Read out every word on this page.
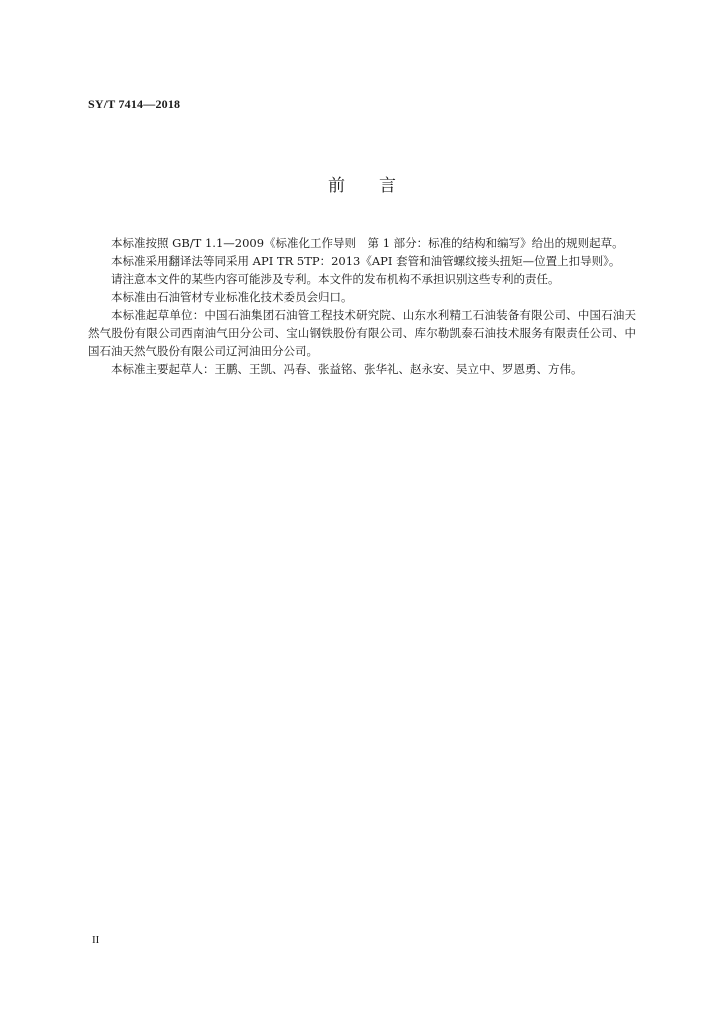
SY/T 7414—2018
前言

本标准按照 GB/T 1.1—2009《标准化工作导则　第 1 部分：标准的结构和编写》给出的规则起草。

本标准采用翻译法等同采用 API TR 5TP：2013《API 套管和油管螺纹接头扭矩—位置上扣导则》。

请注意本文件的某些内容可能涉及专利。本文件的发布机构不承担识别这些专利的责任。

本标准由石油管材专业标准化技术委员会归口。

本标准起草单位：中国石油集团石油管工程技术研究院、山东水利精工石油装备有限公司、中国石油天然气股份有限公司西南油气田分公司、宝山钢铁股份有限公司、库尔勒凯泰石油技术服务有限责任公司、中国石油天然气股份有限公司辽河油田分公司。

本标准主要起草人：王鹏、王凯、冯春、张益铭、张华礼、赵永安、吴立中、罗恩勇、方伟。

II
